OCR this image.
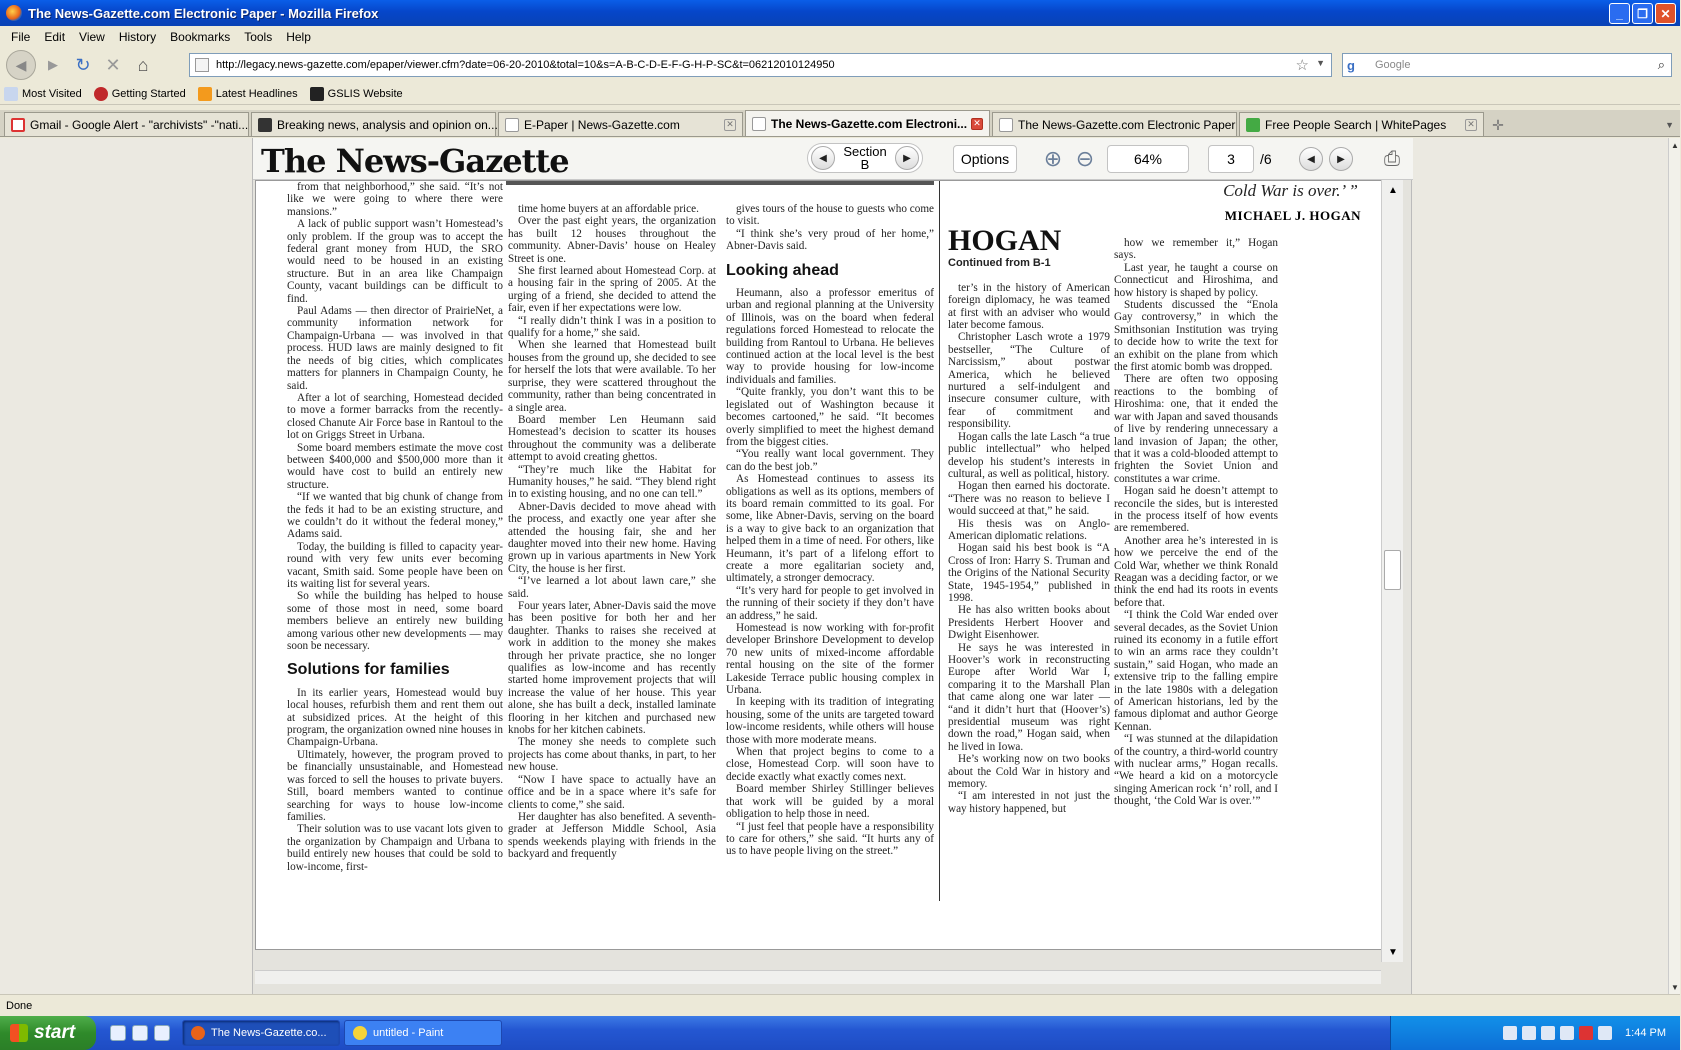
The News-Gazette.com Electronic Paper - Mozilla Firefox	_	❐	✕
File	Edit	View	History	Bookmarks	Tools	Help
◀	▶ ↻ ✕ ⌂	http://legacy.news-gazette.com/epaper/viewer.cfm?date=06-20-2010&total=10&s=A-B-C-D-E-F-G-H-P-SC&t=06212010124950	☆ ▼ g	Google	⌕
Most Visited	Getting Started	Latest Headlines	GSLIS Website
Gmail - Google Alert - "archivists" -"nati... Breaking news, analysis and opinion on... E-Paper | News-Gazette.com	✕	The News-Gazette.com Electroni... ✕	The News-Gazette.com Electronic Paper Free People Search | WhitePages	✕	✛	▼
The News-Gazette	◀	Section
B	▶	Options	⊕ ⊖	64%	3	/6	◀	▶	⎙

from that neighborhood,” she said. “It’s not like we were going to where there were mansions.”

A lack of public support wasn’t Homestead’s only problem. If the group was to accept the federal grant money from HUD, the SRO would need to be housed in an existing structure. But in an area like Champaign County, vacant buildings can be difficult to find.

Paul Adams — then director of PrairieNet, a community information network for Champaign-Urbana — was involved in that process. HUD laws are mainly designed to fit the needs of big cities, which complicates matters for planners in Champaign County, he said.

After a lot of searching, Homestead decided to move a former barracks from the recently-closed Chanute Air Force base in Rantoul to the lot on Griggs Street in Urbana.

Some board members estimate the move cost between $400,000 and $500,000 more than it would have cost to build an entirely new structure.

“If we wanted that big chunk of change from the feds it had to be an existing structure, and we couldn’t do it without the federal money,” Adams said.

Today, the building is filled to capacity year-round with very few units ever becoming vacant, Smith said. Some people have been on its waiting list for several years.

So while the building has helped to house some of those most in need, some board members believe an entirely new building among various other new developments — may soon be necessary.

Solutions for families

In its earlier years, Homestead would buy local houses, refurbish them and rent them out at subsidized prices. At the height of this program, the organization owned nine houses in Champaign-Urbana.

Ultimately, however, the program proved to be financially unsustainable, and Homestead was forced to sell the houses to private buyers. Still, board members wanted to continue searching for ways to house low-income families.

Their solution was to use vacant lots given to the organization by Champaign and Urbana to build entirely new houses that could be sold to low-income, first-

time home buyers at an affordable price.

Over the past eight years, the organization has built 12 houses throughout the community. Abner-Davis’ house on Healey Street is one.

She first learned about Homestead Corp. at a housing fair in the spring of 2005. At the urging of a friend, she decided to attend the fair, even if her expectations were low.

“I really didn’t think I was in a position to qualify for a home,” she said.

When she learned that Homestead built houses from the ground up, she decided to see for herself the lots that were available. To her surprise, they were scattered throughout the community, rather than being concentrated in a single area.

Board member Len Heumann said Homestead’s decision to scatter its houses throughout the community was a deliberate attempt to avoid creating ghettos.

“They’re much like the Habitat for Humanity houses,” he said. “They blend right in to existing housing, and no one can tell.”

Abner-Davis decided to move ahead with the process, and exactly one year after she attended the housing fair, she and her daughter moved into their new home. Having grown up in various apartments in New York City, the house is her first.

“I’ve learned a lot about lawn care,” she said.

Four years later, Abner-Davis said the move has been positive for both her and her daughter. Thanks to raises she received at work in addition to the money she makes through her private practice, she no longer qualifies as low-income and has recently started home improvement projects that will increase the value of her house. This year alone, she has built a deck, installed laminate flooring in her kitchen and purchased new knobs for her kitchen cabinets.

The money she needs to complete such projects has come about thanks, in part, to her new house.

“Now I have space to actually have an office and be in a space where it’s safe for clients to come,” she said.

Her daughter has also benefited. A seventh-grader at Jefferson Middle School, Asia spends weekends playing with friends in the backyard and frequently

gives tours of the house to guests who come to visit.

“I think she’s very proud of her home,” Abner-Davis said.

Looking ahead

Heumann, also a professor emeritus of urban and regional planning at the University of Illinois, was on the board when federal regulations forced Homestead to relocate the building from Rantoul to Urbana. He believes continued action at the local level is the best way to provide housing for low-income individuals and families.

“Quite frankly, you don’t want this to be legislated out of Washington because it becomes cartooned,” he said. “It becomes overly simplified to meet the highest demand from the biggest cities.

“You really want local government. They can do the best job.”

As Homestead continues to assess its obligations as well as its options, members of its board remain committed to its goal. For some, like Abner-Davis, serving on the board is a way to give back to an organization that helped them in a time of need. For others, like Heumann, it’s part of a lifelong effort to create a more egalitarian society and, ultimately, a stronger democracy.

“It’s very hard for people to get involved in the running of their society if they don’t have an address,” he said.

Homestead is now working with for-profit developer Brinshore Development to develop 70 new units of mixed-income affordable rental housing on the site of the former Lakeside Terrace public housing complex in Urbana.

In keeping with its tradition of integrating housing, some of the units are targeted toward low-income residents, while others will house those with more moderate means.

When that project begins to come to a close, Homestead Corp. will soon have to decide exactly what exactly comes next.

Board member Shirley Stillinger believes that work will be guided by a moral obligation to help those in need.

“I just feel that people have a responsibility to care for others,” she said. “It hurts any of us to have people living on the street.”

Cold War is over.’ ”
MICHAEL J. HOGAN
HOGAN
Continued from B-1

ter’s in the history of American foreign diplomacy, he was teamed at first with an adviser who would later become famous.

Christopher Lasch wrote a 1979 bestseller, “The Culture of Narcissism,” about postwar America, which he believed nurtured a self-indulgent and insecure consumer culture, with fear of commitment and responsibility.

Hogan calls the late Lasch “a true public intellectual” who helped develop his student’s interests in cultural, as well as political, history.

Hogan then earned his doctorate. “There was no reason to believe I would succeed at that,” he said.

His thesis was on Anglo-American diplomatic relations.

Hogan said his best book is “A Cross of Iron: Harry S. Truman and the Origins of the National Security State, 1945-1954,” published in 1998.

He has also written books about Presidents Herbert Hoover and Dwight Eisenhower.

He says he was interested in Hoover’s work in reconstructing Europe after World War I, comparing it to the Marshall Plan that came along one war later — “and it didn’t hurt that (Hoover’s) presidential museum was right down the road,” Hogan said, when he lived in Iowa.

He’s working now on two books about the Cold War in history and memory.

“I am interested in not just the way history happened, but

how we remember it,” Hogan says.

Last year, he taught a course on Connecticut and Hiroshima, and how history is shaped by policy.

Students discussed the “Enola Gay controversy,” in which the Smithsonian Institution was trying to decide how to write the text for an exhibit on the plane from which the first atomic bomb was dropped.

There are often two opposing reactions to the bombing of Hiroshima: one, that it ended the war with Japan and saved thousands of live by rendering unnecessary a land invasion of Japan; the other, that it was a cold-blooded attempt to frighten the Soviet Union and constitutes a war crime.

Hogan said he doesn’t attempt to reconcile the sides, but is interested in the process itself of how events are remembered.

Another area he’s interested in is how we perceive the end of the Cold War, whether we think Ronald Reagan was a deciding factor, or we think the end had its roots in events before that.

“I think the Cold War ended over several decades, as the Soviet Union ruined its economy in a futile effort to win an arms race they couldn’t sustain,” said Hogan, who made an extensive trip to the falling empire in the late 1980s with a delegation of American historians, led by the famous diplomat and author George Kennan.

“I was stunned at the dilapidation of the country, a third-world country with nuclear arms,” Hogan recalls. “We heard a kid on a motorcycle singing American rock ‘n’ roll, and I thought, ‘the Cold War is over.’”

▲
▼
▲
▼
Done
start	The News-Gazette.co...	untitled - Paint	1:44 PM
